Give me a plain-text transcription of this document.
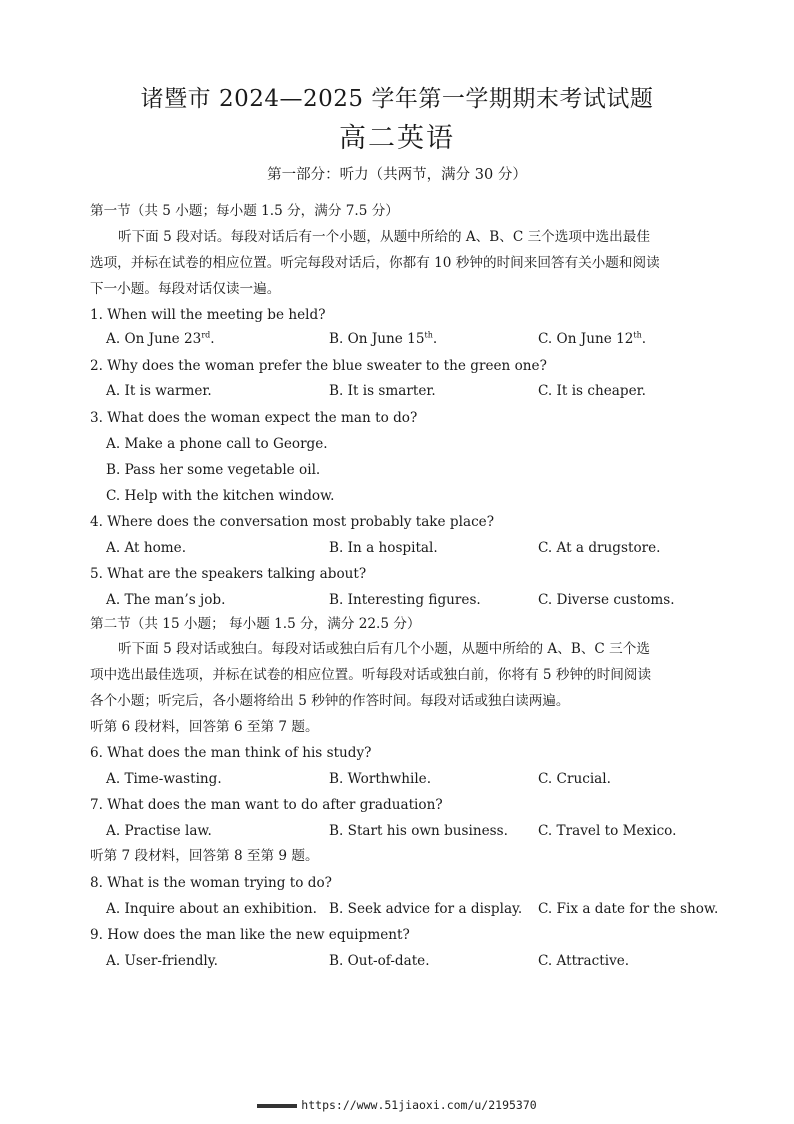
诸暨市 2024—2025 学年第一学期期末考试试题
高二英语
第一部分：听力（共两节，满分 30 分）
第一节（共 5 小题；每小题 1.5 分，满分 7.5 分）
听下面 5 段对话。每段对话后有一个小题，从题中所给的 A、B、C 三个选项中选出最佳
选项，并标在试卷的相应位置。听完每段对话后，你都有 10 秒钟的时间来回答有关小题和阅读
下一小题。每段对话仅读一遍。
1. When will the meeting be held?
A. On June 23rd.	B. On June 15th.	C. On June 12th.
2. Why does the woman prefer the blue sweater to the green one?
A. It is warmer.	B. It is smarter.	C. It is cheaper.
3. What does the woman expect the man to do?
A. Make a phone call to George.
B. Pass her some vegetable oil.
C. Help with the kitchen window.
4. Where does the conversation most probably take place?
A. At home.	B. In a hospital.	C. At a drugstore.
5. What are the speakers talking about?
A. The man’s job.	B. Interesting figures.	C. Diverse customs.
第二节（共 15 小题； 每小题 1.5 分，满分 22.5 分）
听下面 5 段对话或独白。每段对话或独白后有几个小题，从题中所给的 A、B、C 三个选
项中选出最佳选项，并标在试卷的相应位置。听每段对话或独白前，你将有 5 秒钟的时间阅读
各个小题；听完后，各小题将给出 5 秒钟的作答时间。每段对话或独白读两遍。
听第 6 段材料，回答第 6 至第 7 题。
6. What does the man think of his study?
A. Time-wasting.	B. Worthwhile.	C. Crucial.
7. What does the man want to do after graduation?
A. Practise law.	B. Start his own business. C. Travel to Mexico.
听第 7 段材料，回答第 8 至第 9 题。
8. What is the woman trying to do?
A. Inquire about an exhibition. B. Seek advice for a display. C. Fix a date for the show.
9. How does the man like the new equipment?
A. User-friendly.	B. Out-of-date.	C. Attractive.
https://www.51jiaoxi.com/u/2195370
